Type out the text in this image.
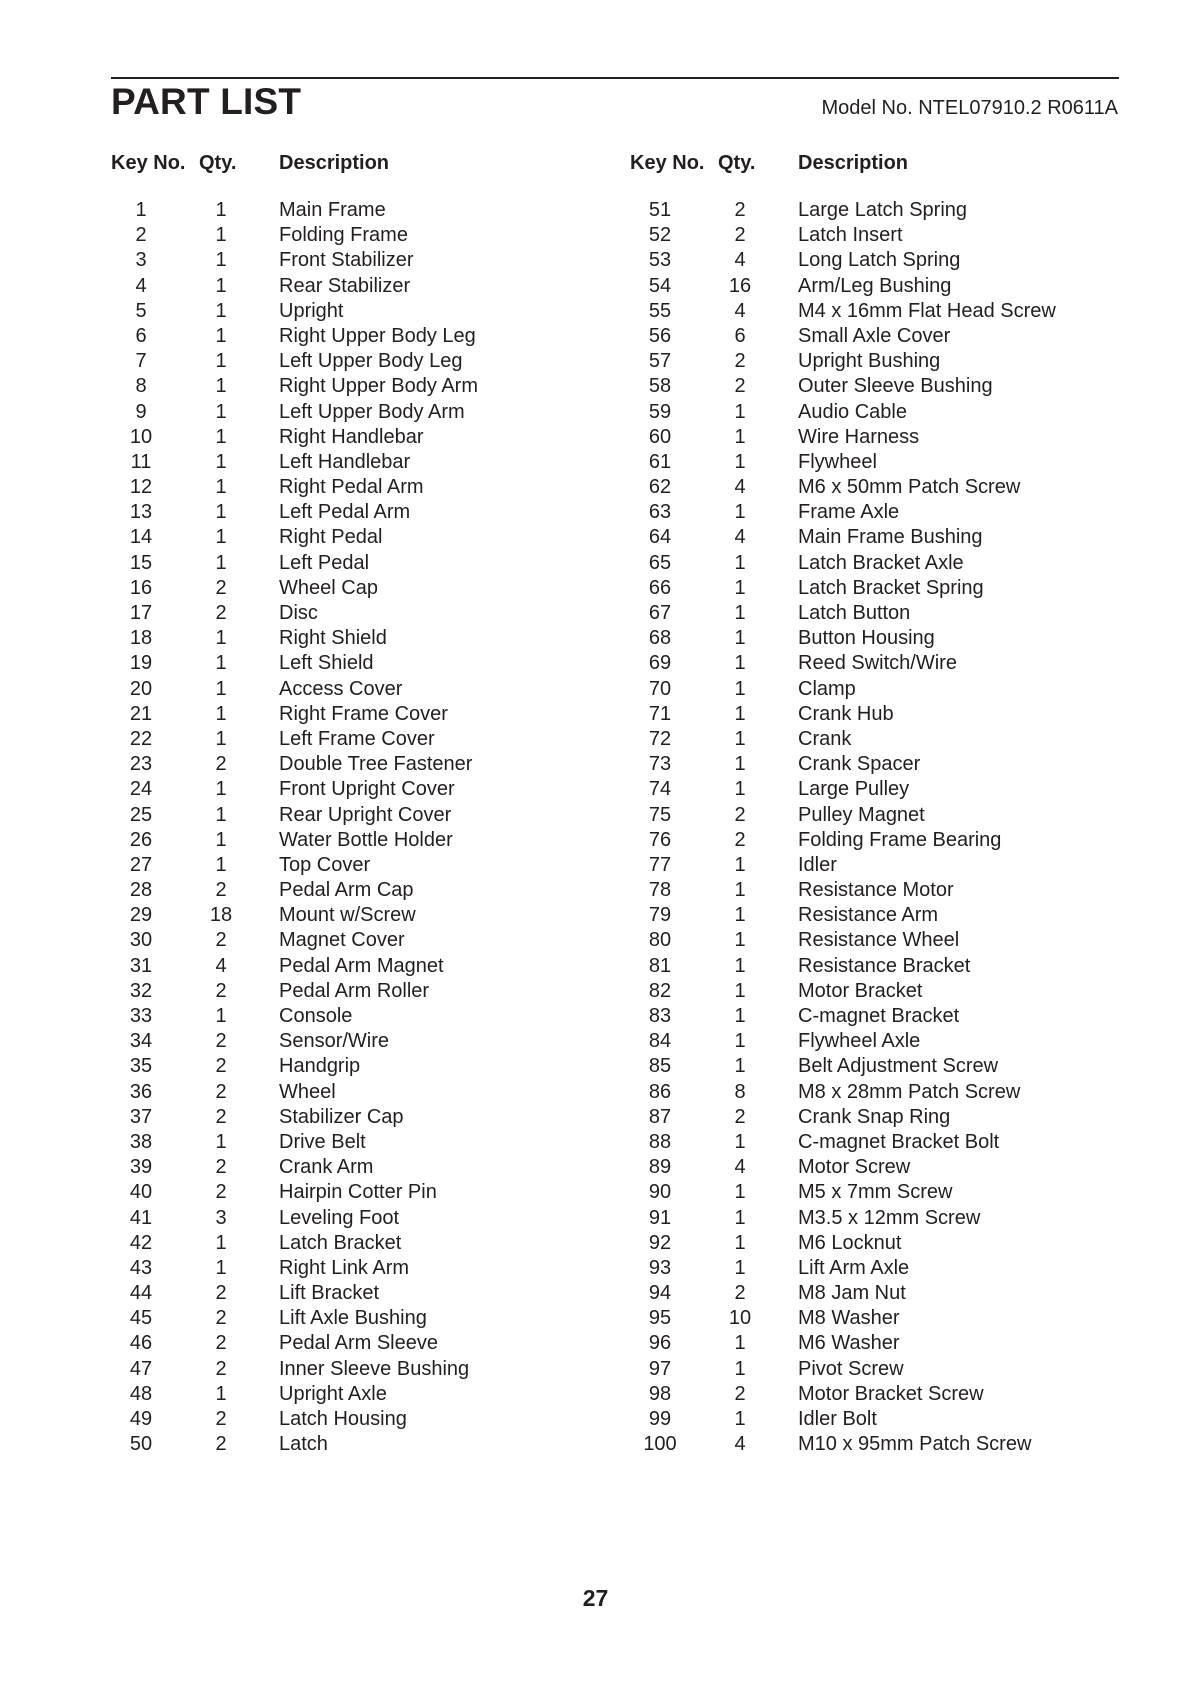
PART LIST	Model No. NTEL07910.2 R0611A
Key No. Qty. Description
1	1	Main Frame
2	1	Folding Frame
3	1	Front Stabilizer
4	1	Rear Stabilizer
5	1	Upright
6	1	Right Upper Body Leg
7	1	Left Upper Body Leg
8	1	Right Upper Body Arm
9	1	Left Upper Body Arm
10	1	Right Handlebar
11	1	Left Handlebar
12	1	Right Pedal Arm
13	1	Left Pedal Arm
14	1	Right Pedal
15	1	Left Pedal
16	2	Wheel Cap
17	2	Disc
18	1	Right Shield
19	1	Left Shield
20	1	Access Cover
21	1	Right Frame Cover
22	1	Left Frame Cover
23	2	Double Tree Fastener
24	1	Front Upright Cover
25	1	Rear Upright Cover
26	1	Water Bottle Holder
27	1	Top Cover
28	2	Pedal Arm Cap
29	18	Mount w/Screw
30	2	Magnet Cover
31	4	Pedal Arm Magnet
32	2	Pedal Arm Roller
33	1	Console
34	2	Sensor/Wire
35	2	Handgrip
36	2	Wheel
37	2	Stabilizer Cap
38	1	Drive Belt
39	2	Crank Arm
40	2	Hairpin Cotter Pin
41	3	Leveling Foot
42	1	Latch Bracket
43	1	Right Link Arm
44	2	Lift Bracket
45	2	Lift Axle Bushing
46	2	Pedal Arm Sleeve
47	2	Inner Sleeve Bushing
48	1	Upright Axle
49	2	Latch Housing
50	2	Latch
Key No. Qty. Description
51	2	Large Latch Spring
52	2	Latch Insert
53	4	Long Latch Spring
54	16	Arm/Leg Bushing
55	4	M4 x 16mm Flat Head Screw
56	6	Small Axle Cover
57	2	Upright Bushing
58	2	Outer Sleeve Bushing
59	1	Audio Cable
60	1	Wire Harness
61	1	Flywheel
62	4	M6 x 50mm Patch Screw
63	1	Frame Axle
64	4	Main Frame Bushing
65	1	Latch Bracket Axle
66	1	Latch Bracket Spring
67	1	Latch Button
68	1	Button Housing
69	1	Reed Switch/Wire
70	1	Clamp
71	1	Crank Hub
72	1	Crank
73	1	Crank Spacer
74	1	Large Pulley
75	2	Pulley Magnet
76	2	Folding Frame Bearing
77	1	Idler
78	1	Resistance Motor
79	1	Resistance Arm
80	1	Resistance Wheel
81	1	Resistance Bracket
82	1	Motor Bracket
83	1	C-magnet Bracket
84	1	Flywheel Axle
85	1	Belt Adjustment Screw
86	8	M8 x 28mm Patch Screw
87	2	Crank Snap Ring
88	1	C-magnet Bracket Bolt
89	4	Motor Screw
90	1	M5 x 7mm Screw
91	1	M3.5 x 12mm Screw
92	1	M6 Locknut
93	1	Lift Arm Axle
94	2	M8 Jam Nut
95	10	M8 Washer
96	1	M6 Washer
97	1	Pivot Screw
98	2	Motor Bracket Screw
99	1	Idler Bolt
100	4	M10 x 95mm Patch Screw
27
